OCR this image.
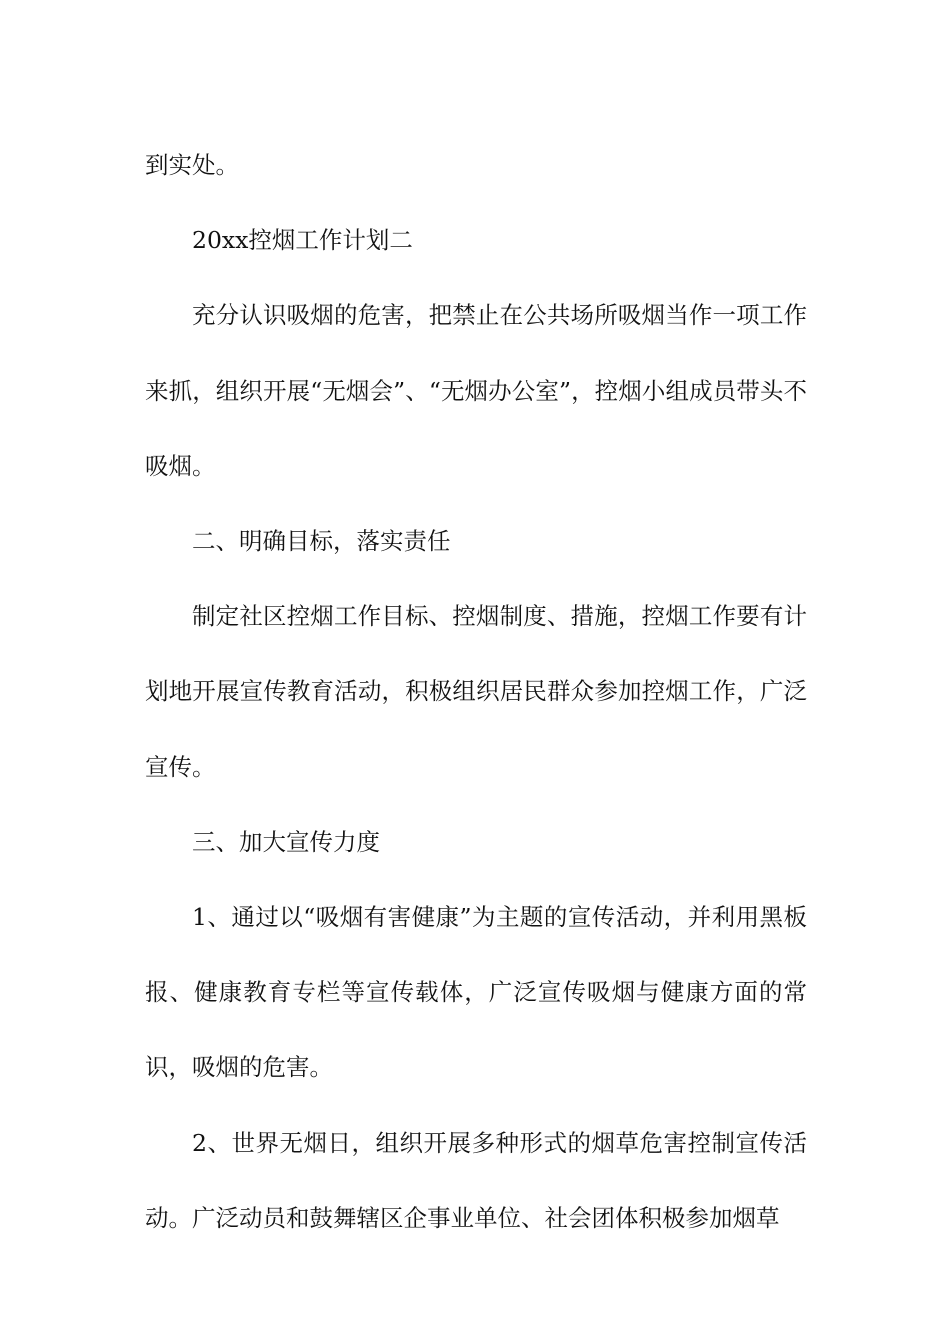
到实处。

20xx控烟工作计划二

充分认识吸烟的危害，把禁止在公共场所吸烟当作一项工作来抓，组织开展“无烟会”、“无烟办公室”，控烟小组成员带头不吸烟。

二、明确目标，落实责任

制定社区控烟工作目标、控烟制度、措施，控烟工作要有计划地开展宣传教育活动，积极组织居民群众参加控烟工作，广泛宣传。

三、加大宣传力度

1、通过以“吸烟有害健康”为主题的宣传活动，并利用黑板报、健康教育专栏等宣传载体，广泛宣传吸烟与健康方面的常识，吸烟的危害。

2、世界无烟日，组织开展多种形式的烟草危害控制宣传活动。广泛动员和鼓舞辖区企事业单位、社会团体积极参加烟草
